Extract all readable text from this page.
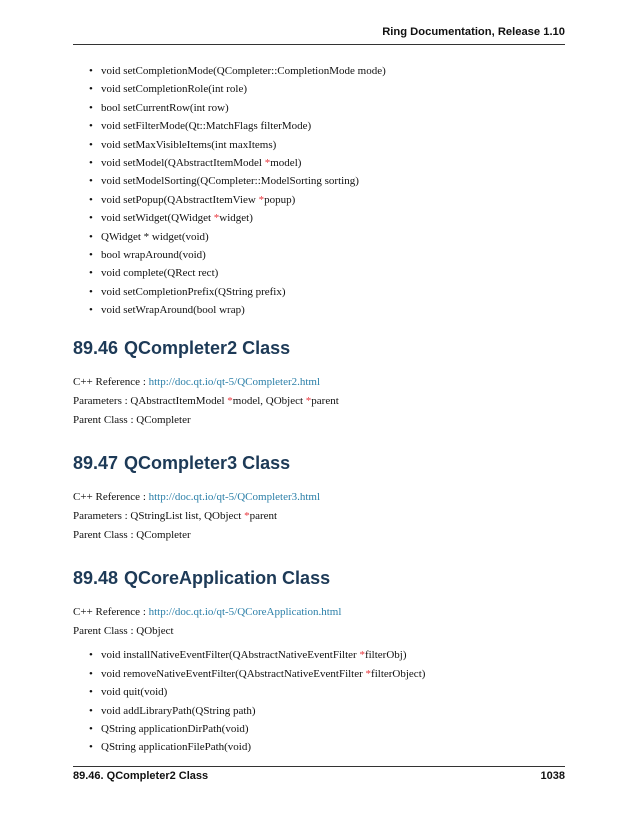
Ring Documentation, Release 1.10
• void setCompletionMode(QCompleter::CompletionMode mode)
• void setCompletionRole(int role)
• bool setCurrentRow(int row)
• void setFilterMode(Qt::MatchFlags filterMode)
• void setMaxVisibleItems(int maxItems)
• void setModel(QAbstractItemModel *model)
• void setModelSorting(QCompleter::ModelSorting sorting)
• void setPopup(QAbstractItemView *popup)
• void setWidget(QWidget *widget)
• QWidget * widget(void)
• bool wrapAround(void)
• void complete(QRect rect)
• void setCompletionPrefix(QString prefix)
• void setWrapAround(bool wrap)
89.46 QCompleter2 Class

C++ Reference : http://doc.qt.io/qt-5/QCompleter2.html

Parameters : QAbstractItemModel *model, QObject *parent

Parent Class : QCompleter

89.47 QCompleter3 Class

C++ Reference : http://doc.qt.io/qt-5/QCompleter3.html

Parameters : QStringList list, QObject *parent

Parent Class : QCompleter

89.48 QCoreApplication Class

C++ Reference : http://doc.qt.io/qt-5/QCoreApplication.html

Parent Class : QObject

• void installNativeEventFilter(QAbstractNativeEventFilter *filterObj)
• void removeNativeEventFilter(QAbstractNativeEventFilter *filterObject)
• void quit(void)
• void addLibraryPath(QString path)
• QString applicationDirPath(void)
• QString applicationFilePath(void)
89.46. QCompleter2 Class	1038
